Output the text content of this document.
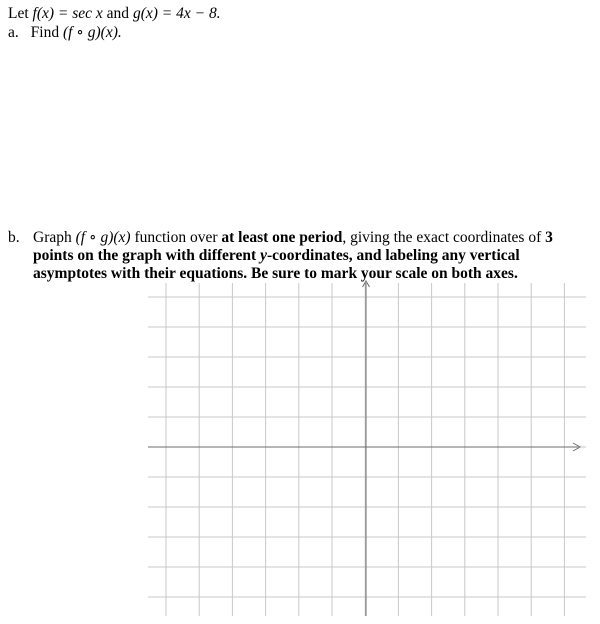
Let f(x) = sec x and g(x) = 4x − 8.
a. Find (f ∘ g)(x).
b. Graph (f ∘ g)(x) function over at least one period, giving the exact coordinates of 3
points on the graph with different y-coordinates, and labeling any vertical
asymptotes with their equations. Be sure to mark your scale on both axes.
